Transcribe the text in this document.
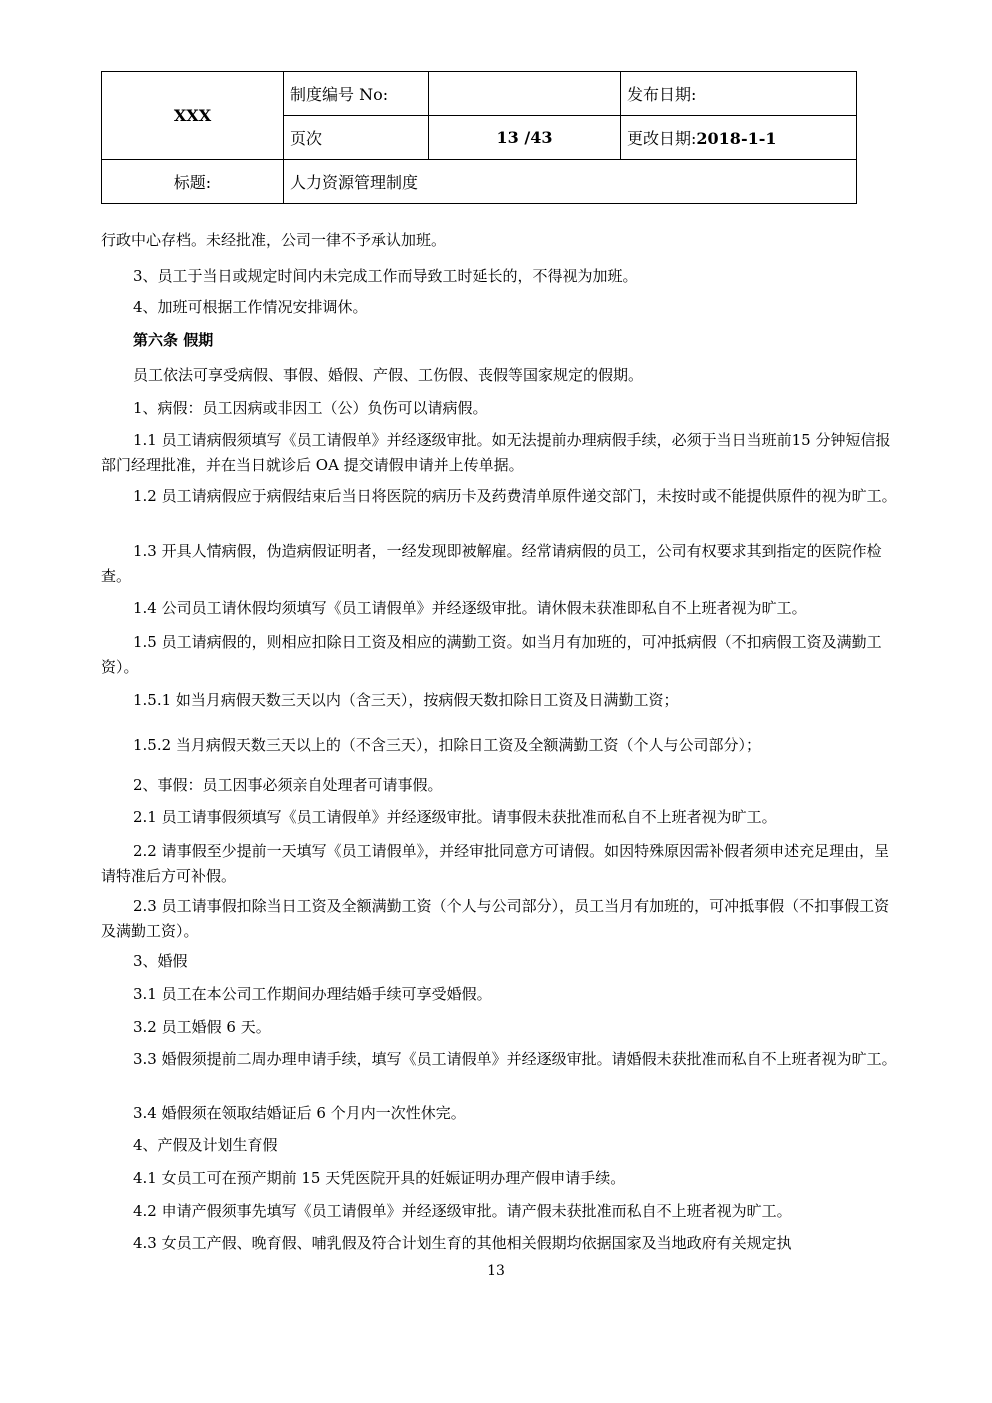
XXX	制度编号 No:		发布日期:
	页次	13 /43	更改日期:2018-1-1
标题:	人力资源管理制度		
行政中心存档。未经批准，公司一律不予承认加班。
3、员工于当日或规定时间内未完成工作而导致工时延长的，不得视为加班。
4、加班可根据工作情况安排调休。
第六条 假期
员工依法可享受病假、事假、婚假、产假、工伤假、丧假等国家规定的假期。
1、病假：员工因病或非因工（公）负伤可以请病假。
1.1 员工请病假须填写《员工请假单》并经逐级审批。如无法提前办理病假手续，必须于当日当班前15 分钟短信报部门经理批准，并在当日就诊后 OA 提交请假申请并上传单据。
1.2 员工请病假应于病假结束后当日将医院的病历卡及药费清单原件递交部门，未按时或不能提供原件的视为旷工。
1.3 开具人情病假，伪造病假证明者，一经发现即被解雇。经常请病假的员工，公司有权要求其到指定的医院作检查。
1.4 公司员工请休假均须填写《员工请假单》并经逐级审批。请休假未获准即私自不上班者视为旷工。
1.5 员工请病假的，则相应扣除日工资及相应的满勤工资。如当月有加班的，可冲抵病假（不扣病假工资及满勤工资）。
1.5.1 如当月病假天数三天以内（含三天），按病假天数扣除日工资及日满勤工资；
1.5.2 当月病假天数三天以上的（不含三天），扣除日工资及全额满勤工资（个人与公司部分）；
2、事假：员工因事必须亲自处理者可请事假。
2.1 员工请事假须填写《员工请假单》并经逐级审批。请事假未获批准而私自不上班者视为旷工。
2.2 请事假至少提前一天填写《员工请假单》，并经审批同意方可请假。如因特殊原因需补假者须申述充足理由，呈请特准后方可补假。
2.3 员工请事假扣除当日工资及全额满勤工资（个人与公司部分），员工当月有加班的，可冲抵事假（不扣事假工资及满勤工资）。
3、婚假
3.1 员工在本公司工作期间办理结婚手续可享受婚假。
3.2 员工婚假 6 天。
3.3 婚假须提前二周办理申请手续，填写《员工请假单》并经逐级审批。请婚假未获批准而私自不上班者视为旷工。
3.4 婚假须在领取结婚证后 6 个月内一次性休完。
4、产假及计划生育假
4.1 女员工可在预产期前 15 天凭医院开具的妊娠证明办理产假申请手续。
4.2 申请产假须事先填写《员工请假单》并经逐级审批。请产假未获批准而私自不上班者视为旷工。
4.3 女员工产假、晚育假、哺乳假及符合计划生育的其他相关假期均依据国家及当地政府有关规定执
13
